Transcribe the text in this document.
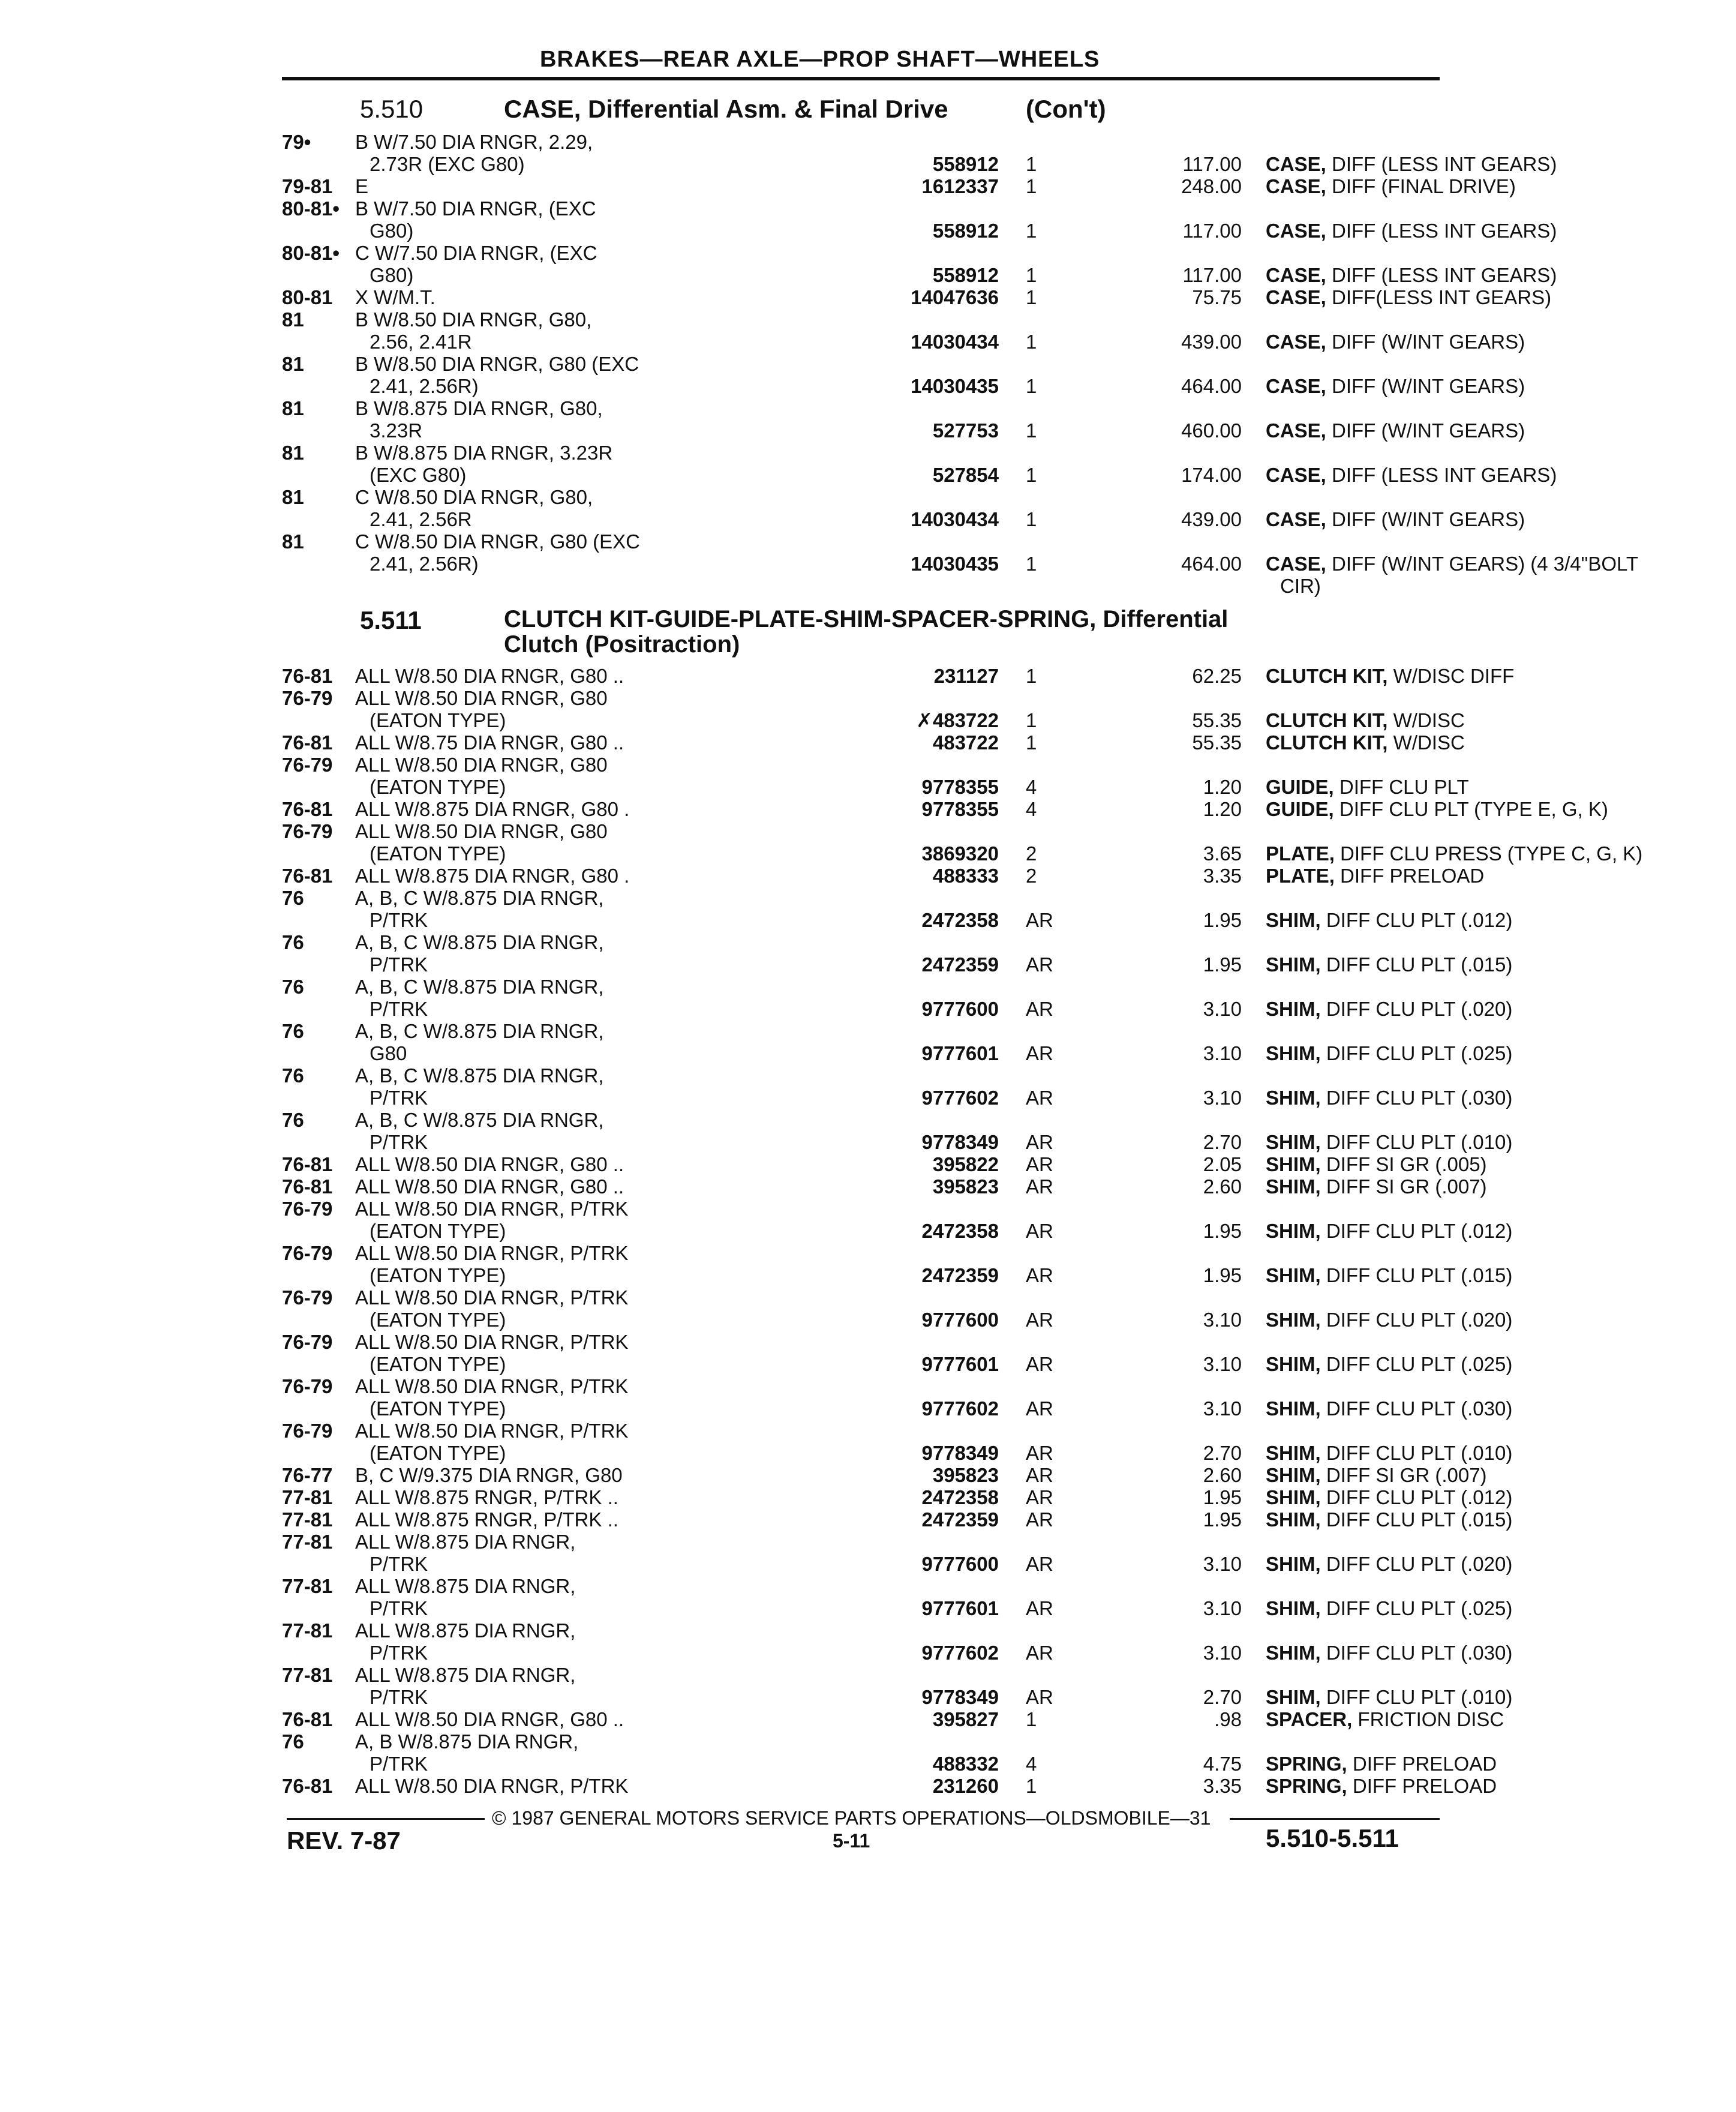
BRAKES—REAR AXLE—PROP SHAFT—WHEELS
5.510	CASE, Differential Asm. & Final Drive	(Con't)
79•	B W/7.50 DIA RNGR, 2.29,
2.73R (EXC G80)	558912 1	117.00 CASE, DIFF (LESS INT GEARS)
79-81	E	1612337 1	248.00 CASE, DIFF (FINAL DRIVE)
80-81• B W/7.50 DIA RNGR, (EXC
G80)	558912 1	117.00 CASE, DIFF (LESS INT GEARS)
80-81• C W/7.50 DIA RNGR, (EXC
G80)	558912 1	117.00 CASE, DIFF (LESS INT GEARS)
80-81	X W/M.T.	14047636 1	75.75 CASE, DIFF(LESS INT GEARS)
81	B W/8.50 DIA RNGR, G80,
2.56, 2.41R	14030434 1	439.00 CASE, DIFF (W/INT GEARS)
81	B W/8.50 DIA RNGR, G80 (EXC
2.41, 2.56R)	14030435 1	464.00 CASE, DIFF (W/INT GEARS)
81	B W/8.875 DIA RNGR, G80,
3.23R	527753 1	460.00 CASE, DIFF (W/INT GEARS)
81	B W/8.875 DIA RNGR, 3.23R
(EXC G80)	527854 1	174.00 CASE, DIFF (LESS INT GEARS)
81	C W/8.50 DIA RNGR, G80,
2.41, 2.56R	14030434 1	439.00 CASE, DIFF (W/INT GEARS)
81	C W/8.50 DIA RNGR, G80 (EXC
2.41, 2.56R)	14030435 1	464.00 CASE, DIFF (W/INT GEARS) (4 3/4"BOLT
CIR)
5.511	CLUTCH KIT-GUIDE-PLATE-SHIM-SPACER-SPRING, Differential
Clutch (Positraction)
76-81	ALL W/8.50 DIA RNGR, G80 ..	231127 1	62.25 CLUTCH KIT, W/DISC DIFF
76-79	ALL W/8.50 DIA RNGR, G80
(EATON TYPE)	✗483722 1	55.35 CLUTCH KIT, W/DISC
76-81	ALL W/8.75 DIA RNGR, G80 ..	483722 1	55.35 CLUTCH KIT, W/DISC
76-79	ALL W/8.50 DIA RNGR, G80
(EATON TYPE)	9778355 4	1.20 GUIDE, DIFF CLU PLT
76-81	ALL W/8.875 DIA RNGR, G80 .	9778355 4	1.20 GUIDE, DIFF CLU PLT (TYPE E, G, K)
76-79	ALL W/8.50 DIA RNGR, G80
(EATON TYPE)	3869320 2	3.65 PLATE, DIFF CLU PRESS (TYPE C, G, K)
76-81	ALL W/8.875 DIA RNGR, G80 .	488333 2	3.35 PLATE, DIFF PRELOAD
76	A, B, C W/8.875 DIA RNGR,
P/TRK	2472358 AR	1.95 SHIM, DIFF CLU PLT (.012)
76	A, B, C W/8.875 DIA RNGR,
P/TRK	2472359 AR	1.95 SHIM, DIFF CLU PLT (.015)
76	A, B, C W/8.875 DIA RNGR,
P/TRK	9777600 AR	3.10 SHIM, DIFF CLU PLT (.020)
76	A, B, C W/8.875 DIA RNGR,
G80	9777601 AR	3.10 SHIM, DIFF CLU PLT (.025)
76	A, B, C W/8.875 DIA RNGR,
P/TRK	9777602 AR	3.10 SHIM, DIFF CLU PLT (.030)
76	A, B, C W/8.875 DIA RNGR,
P/TRK	9778349 AR	2.70 SHIM, DIFF CLU PLT (.010)
76-81	ALL W/8.50 DIA RNGR, G80 ..	395822 AR	2.05 SHIM, DIFF SI GR (.005)
76-81	ALL W/8.50 DIA RNGR, G80 ..	395823 AR	2.60 SHIM, DIFF SI GR (.007)
76-79	ALL W/8.50 DIA RNGR, P/TRK
(EATON TYPE)	2472358 AR	1.95 SHIM, DIFF CLU PLT (.012)
76-79	ALL W/8.50 DIA RNGR, P/TRK
(EATON TYPE)	2472359 AR	1.95 SHIM, DIFF CLU PLT (.015)
76-79	ALL W/8.50 DIA RNGR, P/TRK
(EATON TYPE)	9777600 AR	3.10 SHIM, DIFF CLU PLT (.020)
76-79	ALL W/8.50 DIA RNGR, P/TRK
(EATON TYPE)	9777601 AR	3.10 SHIM, DIFF CLU PLT (.025)
76-79	ALL W/8.50 DIA RNGR, P/TRK
(EATON TYPE)	9777602 AR	3.10 SHIM, DIFF CLU PLT (.030)
76-79	ALL W/8.50 DIA RNGR, P/TRK
(EATON TYPE)	9778349 AR	2.70 SHIM, DIFF CLU PLT (.010)
76-77	B, C W/9.375 DIA RNGR, G80	395823 AR	2.60 SHIM, DIFF SI GR (.007)
77-81	ALL W/8.875 RNGR, P/TRK ..	2472358 AR	1.95 SHIM, DIFF CLU PLT (.012)
77-81	ALL W/8.875 RNGR, P/TRK ..	2472359 AR	1.95 SHIM, DIFF CLU PLT (.015)
77-81	ALL W/8.875 DIA RNGR,
P/TRK	9777600 AR	3.10 SHIM, DIFF CLU PLT (.020)
77-81	ALL W/8.875 DIA RNGR,
P/TRK	9777601 AR	3.10 SHIM, DIFF CLU PLT (.025)
77-81	ALL W/8.875 DIA RNGR,
P/TRK	9777602 AR	3.10 SHIM, DIFF CLU PLT (.030)
77-81	ALL W/8.875 DIA RNGR,
P/TRK	9778349 AR	2.70 SHIM, DIFF CLU PLT (.010)
76-81	ALL W/8.50 DIA RNGR, G80 ..	395827 1	.98 SPACER, FRICTION DISC
76	A, B W/8.875 DIA RNGR,
P/TRK	488332 4	4.75 SPRING, DIFF PRELOAD
76-81	ALL W/8.50 DIA RNGR, P/TRK	231260 1	3.35 SPRING, DIFF PRELOAD
© 1987 GENERAL MOTORS SERVICE PARTS OPERATIONS—OLDSMOBILE—31
REV. 7-87	5-11	5.510-5.511
